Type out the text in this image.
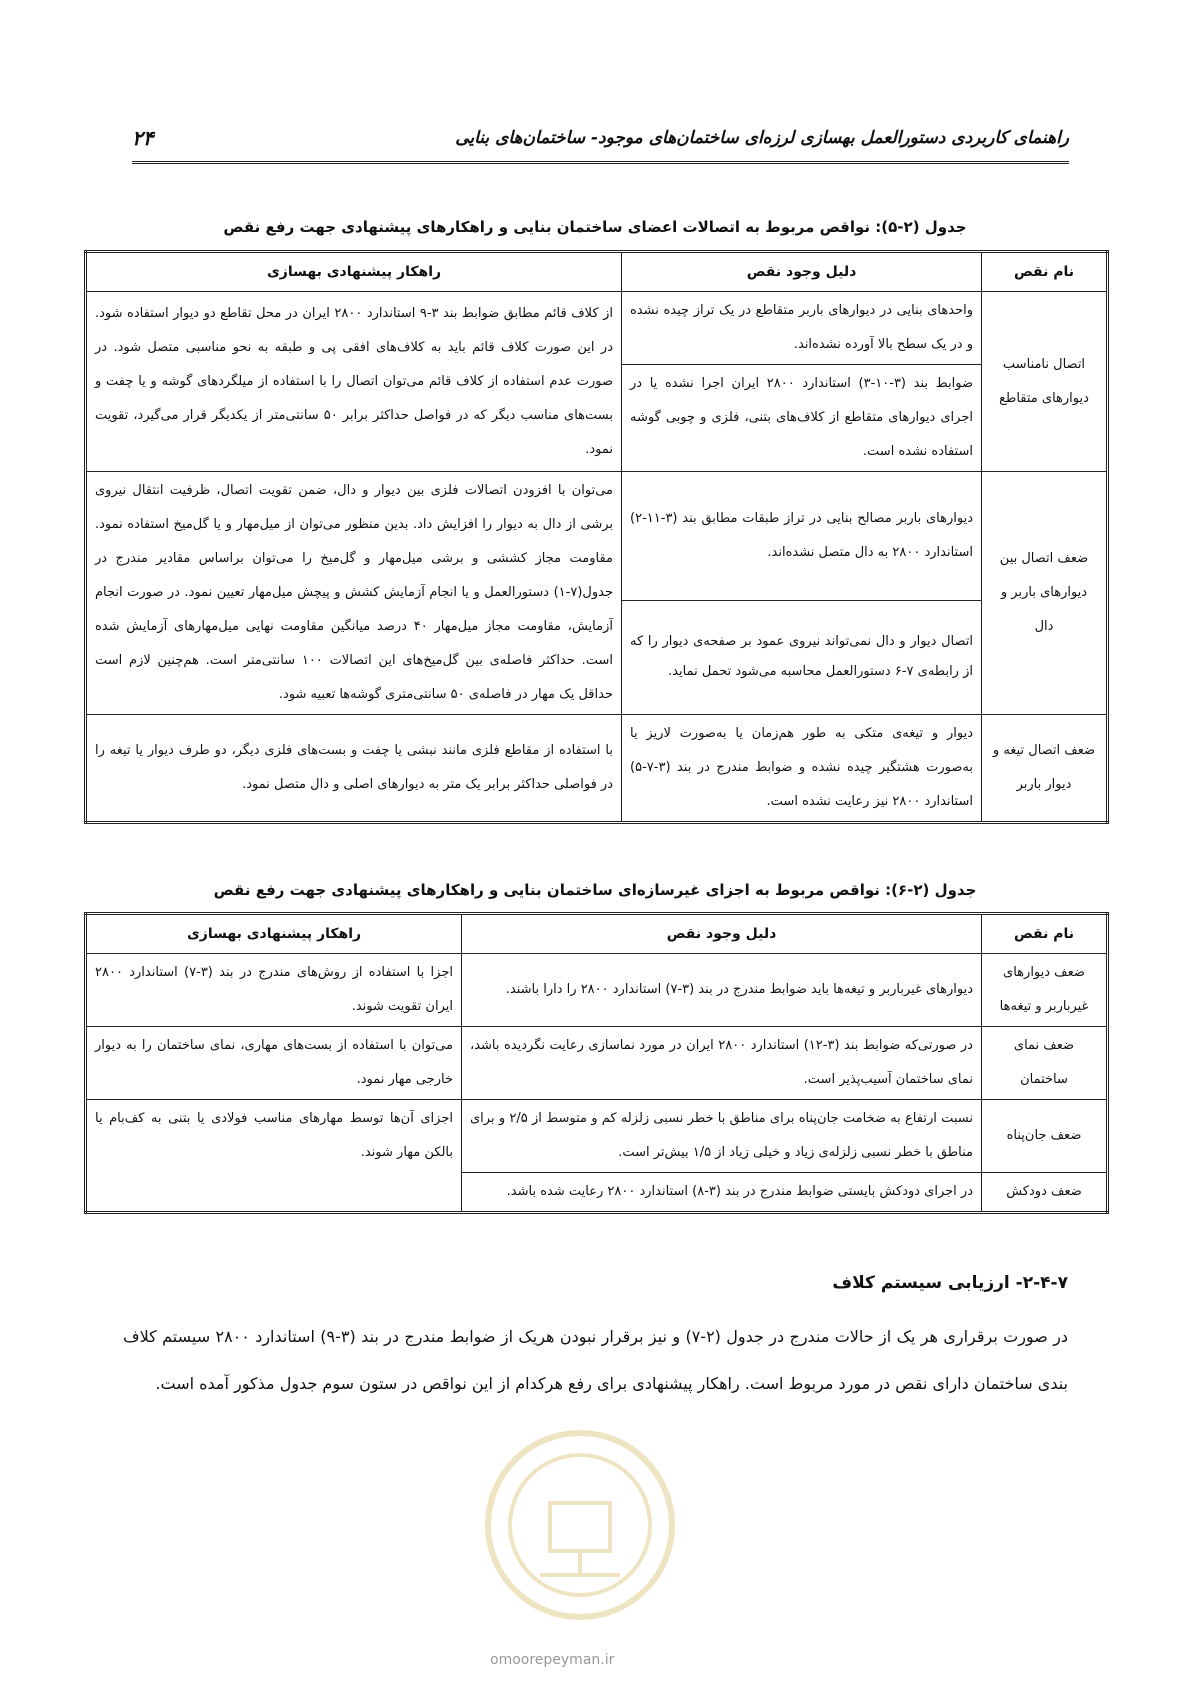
راهنمای کاربردی دستورالعمل بهسازی لرزه‌ای ساختمان‌های موجود- ساختمان‌های بنایی
۲۴
جدول (۲-۵): نواقص مربوط به اتصالات اعضای ساختمان بنایی و راهکارهای پیشنهادی جهت رفع نقص
نام نقص	دلیل وجود نقص	راهکار پیشنهادی بهسازی
اتصال نامناسب دیوارهای متقاطع	واحدهای بنایی در دیوارهای باربر متقاطع در یک تراز چیده نشده و در یک سطح بالا آورده نشده‌اند.	از کلاف قائم مطابق ضوابط بند ۳-۹ استاندارد ۲۸۰۰ ایران در محل تقاطع دو دیوار استفاده شود. در این صورت کلاف قائم باید به کلاف‌های افقی پی و طبقه به نحو مناسبی متصل شود. در صورت عدم استفاده از کلاف قائم می‌توان اتصال را با استفاده از میلگردهای گوشه و یا چفت و بست‌های مناسب دیگر که در فواصل حداکثر برابر ۵۰ سانتی‌متر از یکدیگر قرار می‌گیرد، تقویت نمود.
	ضوابط بند (۳-۱۰-۳) استاندارد ۲۸۰۰ ایران اجرا نشده یا در اجرای دیوارهای متقاطع از کلاف‌های بتنی، فلزی و چوبی گوشه استفاده نشده است.	
ضعف اتصال بین دیوارهای باربر و دال	دیوارهای باربر مصالح بنایی در تراز طبقات مطابق بند (۳-۱۱-۲) استاندارد ۲۸۰۰ به دال متصل نشده‌اند.	می‌توان با افزودن اتصالات فلزی بین دیوار و دال، ضمن تقویت اتصال، ظرفیت انتقال نیروی برشی از دال به دیوار را افزایش داد. بدین منظور می‌توان از میل‌مهار و یا گل‌میخ استفاده نمود. مقاومت مجاز کششی و برشی میل‌مهار و گل‌میخ را می‌توان براساس مقادیر مندرج در جدول(۷-۱) دستورالعمل و یا انجام آزمایش کشش و پیچش میل‌مهار تعیین نمود. در صورت انجام آزمایش، مقاومت مجاز میل‌مهار ۴۰ درصد میانگین مقاومت نهایی میل‌مهارهای آزمایش شده است. حداکثر فاصله‌ی بین گل‌میخ‌های این اتصالات ۱۰۰ سانتی‌متر است. هم‌چنین لازم است حداقل یک مهار در فاصله‌ی ۵۰ سانتی‌متری گوشه‌ها تعبیه شود.
	اتصال دیوار و دال نمی‌تواند نیروی عمود بر صفحه‌ی دیوار را که از رابطه‌ی ۷-۶ دستورالعمل محاسبه می‌شود تحمل نماید.	
ضعف اتصال تیغه و دیوار باربر	دیوار و تیغه‌ی متکی به طور هم‌زمان یا به‌صورت لاریز یا به‌صورت هشتگیر چیده نشده و ضوابط مندرج در بند (۳-۷-۵) استاندارد ۲۸۰۰ نیز رعایت نشده است.	با استفاده از مقاطع فلزی مانند نبشی یا چفت و بست‌های فلزی دیگر، دو طرف دیوار یا تیغه را در فواصلی حداکثر برابر یک متر به دیوارهای اصلی و دال متصل نمود.
جدول (۲-۶): نواقص مربوط به اجزای غیرسازه‌ای ساختمان بنایی و راهکارهای پیشنهادی جهت رفع نقص
نام نقص	دلیل وجود نقص	راهکار پیشنهادی بهسازی
ضعف دیوارهای غیرباربر و تیغه‌ها	دیوارهای غیرباربر و تیغه‌ها باید ضوابط مندرج در بند (۳-۷) استاندارد ۲۸۰۰ را دارا باشند.	اجزا با استفاده از روش‌های مندرج در بند (۳-۷) استاندارد ۲۸۰۰ ایران تقویت شوند.
ضعف نمای ساختمان	در صورتی‌که ضوابط بند (۳-۱۲) استاندارد ۲۸۰۰ ایران در مورد نماسازی رعایت نگردیده باشد، نمای ساختمان آسیب‌پذیر است.	می‌توان با استفاده از بست‌های مهاری، نمای ساختمان را به دیوار خارجی مهار نمود.
ضعف جان‌پناه	نسبت ارتفاع به ضخامت جان‌پناه برای مناطق با خطر نسبی زلزله کم و متوسط از ۲/۵ و برای مناطق با خطر نسبی زلزله‌ی زیاد و خیلی زیاد از ۱/۵ بیش‌تر است.	اجزای آن‌ها توسط مهارهای مناسب فولادی یا بتنی به کف‌بام یا بالکن مهار شوند.
ضعف دودکش	در اجرای دودکش بایستی ضوابط مندرج در بند (۳-۸) استاندارد ۲۸۰۰ رعایت شده باشد.	
۲-۴-۷- ارزیابی سیستم کلاف
در صورت برقراری هر یک از حالات مندرج در جدول (۲-۷) و نیز برقرار نبودن هریک از ضوابط مندرج در بند (۳-۹) استاندارد ۲۸۰۰ سیستم کلاف بندی ساختمان دارای نقص در مورد مربوط است. راهکار پیشنهادی برای رفع هرکدام از این نواقص در ستون سوم جدول مذکور آمده است.
omoorepeyman.ir
